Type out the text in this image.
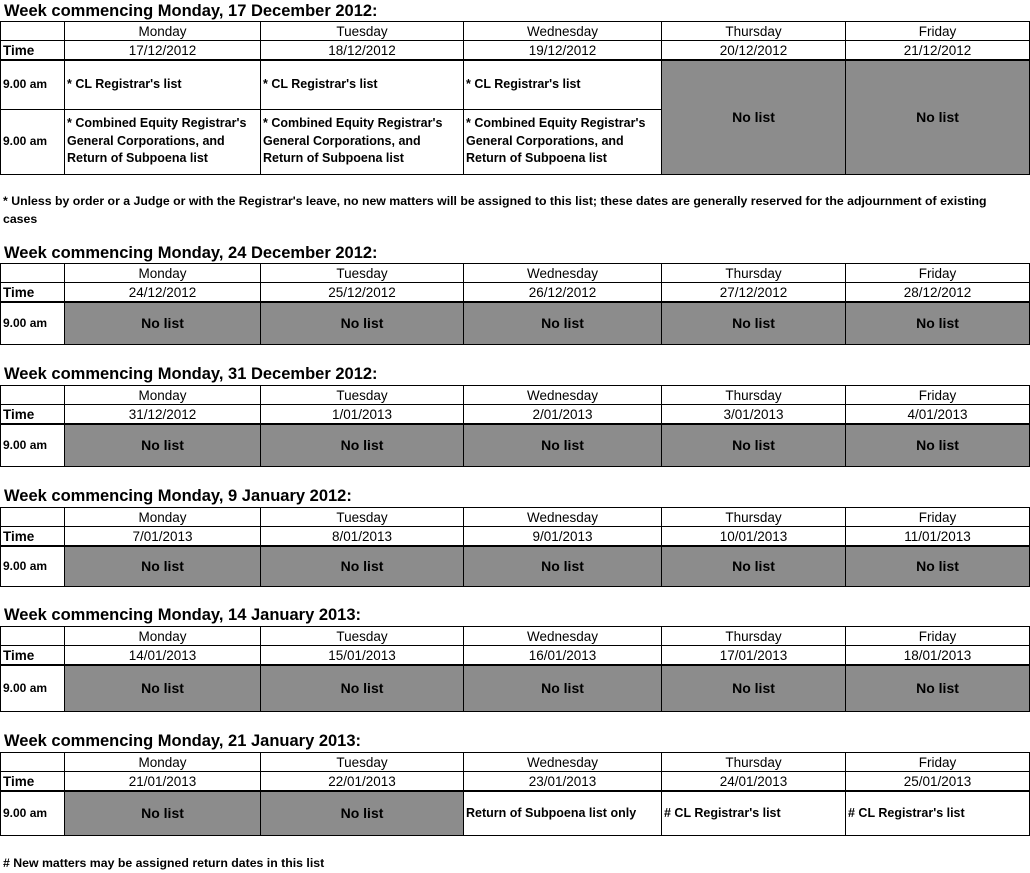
Week commencing Monday, 17 December 2012:
	Monday	Tuesday	Wednesday	Thursday	Friday
Time	17/12/2012	18/12/2012	19/12/2012	20/12/2012	21/12/2012
9.00 am	* CL Registrar's list	* CL Registrar's list	* CL Registrar's list	No list	No list
9.00 am	* Combined Equity Registrar's General Corporations, and Return of Subpoena list	* Combined Equity Registrar's General Corporations, and Return of Subpoena list	* Combined Equity Registrar's General Corporations, and Return of Subpoena list		
* Unless by order or a Judge or with the Registrar's leave, no new matters will be assigned to this list; these dates are generally reserved for the adjournment of existing cases
Week commencing Monday, 24 December 2012:
	Monday	Tuesday	Wednesday	Thursday	Friday
Time	24/12/2012	25/12/2012	26/12/2012	27/12/2012	28/12/2012
9.00 am	No list	No list	No list	No list	No list
Week commencing Monday, 31 December 2012:
	Monday	Tuesday	Wednesday	Thursday	Friday
Time	31/12/2012	1/01/2013	2/01/2013	3/01/2013	4/01/2013
9.00 am	No list	No list	No list	No list	No list
Week commencing Monday, 9 January 2012:
	Monday	Tuesday	Wednesday	Thursday	Friday
Time	7/01/2013	8/01/2013	9/01/2013	10/01/2013	11/01/2013
9.00 am	No list	No list	No list	No list	No list
Week commencing Monday, 14 January 2013:
	Monday	Tuesday	Wednesday	Thursday	Friday
Time	14/01/2013	15/01/2013	16/01/2013	17/01/2013	18/01/2013
9.00 am	No list	No list	No list	No list	No list
Week commencing Monday, 21 January 2013:
	Monday	Tuesday	Wednesday	Thursday	Friday
Time	21/01/2013	22/01/2013	23/01/2013	24/01/2013	25/01/2013
9.00 am	No list	No list	Return of Subpoena list only	# CL Registrar's list	# CL Registrar's list
# New matters may be assigned return dates in this list
